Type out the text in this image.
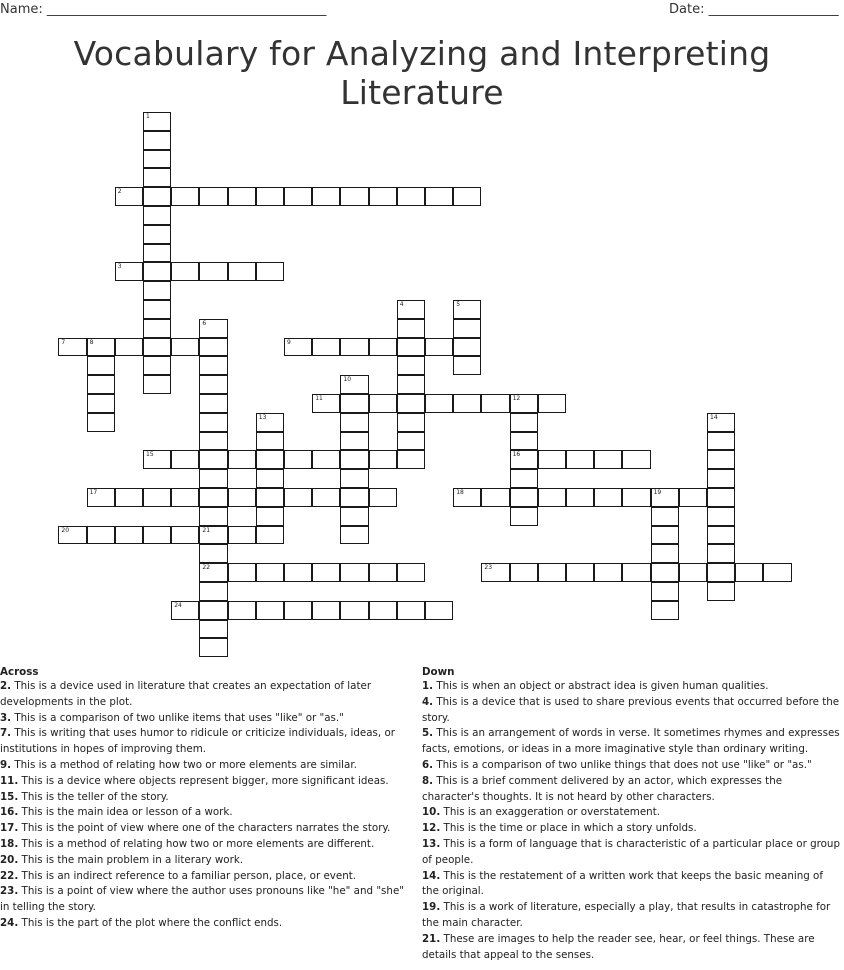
Name: ___________________________________________	Date: ____________________
Vocabulary for Analyzing and Interpreting Literature
2
3
7	8	9
11	12
15	16
17	18	19
20	21
22	23
24
1
4	5
6
10
13	14
Across
2. This is a device used in literature that creates an expectation of later developments in the plot.
3. This is a comparison of two unlike items that uses "like" or "as."
7. This is writing that uses humor to ridicule or criticize individuals, ideas, or institutions in hopes of improving them.
9. This is a method of relating how two or more elements are similar.
11. This is a device where objects represent bigger, more significant ideas.
15. This is the teller of the story.
16. This is the main idea or lesson of a work.
17. This is the point of view where one of the characters narrates the story.
18. This is a method of relating how two or more elements are different.
20. This is the main problem in a literary work.
22. This is an indirect reference to a familiar person, place, or event.
23. This is a point of view where the author uses pronouns like "he" and "she" in telling the story.
24. This is the part of the plot where the conflict ends.
Down
1. This is when an object or abstract idea is given human qualities.
4. This is a device that is used to share previous events that occurred before the story.
5. This is an arrangement of words in verse. It sometimes rhymes and expresses facts, emotions, or ideas in a more imaginative style than ordinary writing.
6. This is a comparison of two unlike things that does not use "like" or "as."
8. This is a brief comment delivered by an actor, which expresses the character's thoughts. It is not heard by other characters.
10. This is an exaggeration or overstatement.
12. This is the time or place in which a story unfolds.
13. This is a form of language that is characteristic of a particular place or group of people.
14. This is the restatement of a written work that keeps the basic meaning of the original.
19. This is a work of literature, especially a play, that results in catastrophe for the main character.
21. These are images to help the reader see, hear, or feel things. These are details that appeal to the senses.
